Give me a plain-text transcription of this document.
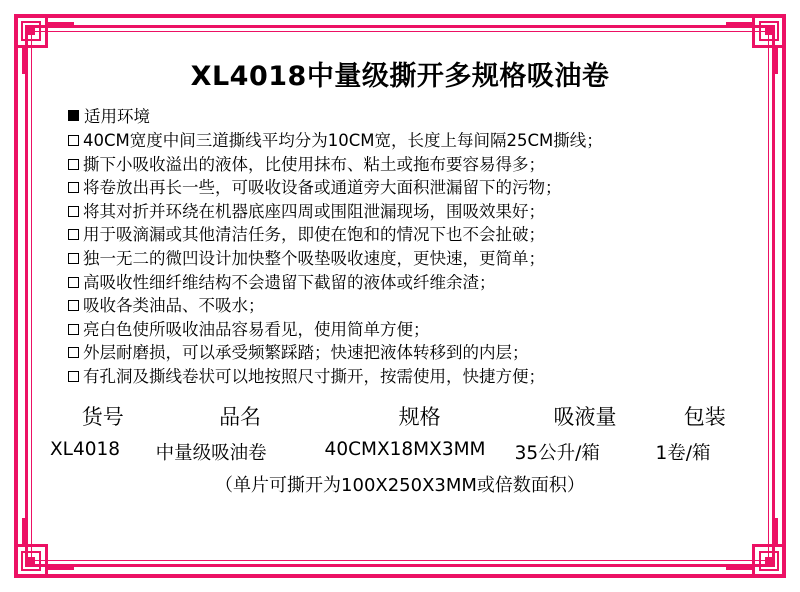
XL4018中量级撕开多规格吸油卷
适用环境
40CM宽度中间三道撕线平均分为10CM宽，长度上每间隔25CM撕线；
撕下小吸收溢出的液体，比使用抹布、粘土或拖布要容易得多；
将卷放出再长一些，可吸收设备或通道旁大面积泄漏留下的污物；
将其对折并环绕在机器底座四周或围阻泄漏现场，围吸效果好；
用于吸滴漏或其他清洁任务，即使在饱和的情况下也不会扯破；
独一无二的微凹设计加快整个吸垫吸收速度，更快速，更简单；
高吸收性细纤维结构不会遗留下截留的液体或纤维余渣；
吸收各类油品、不吸水；
亮白色使所吸收油品容易看见，使用简单方便；
外层耐磨损，可以承受频繁踩踏；快速把液体转移到的内层；
有孔洞及撕线卷状可以地按照尺寸撕开，按需使用，快捷方便；
货号	品名	规格	吸液量	包装
XL4018	中量级吸油卷	40CMX18MX3MM	35公升/箱	1卷/箱
（单片可撕开为100X250X3MM或倍数面积）
